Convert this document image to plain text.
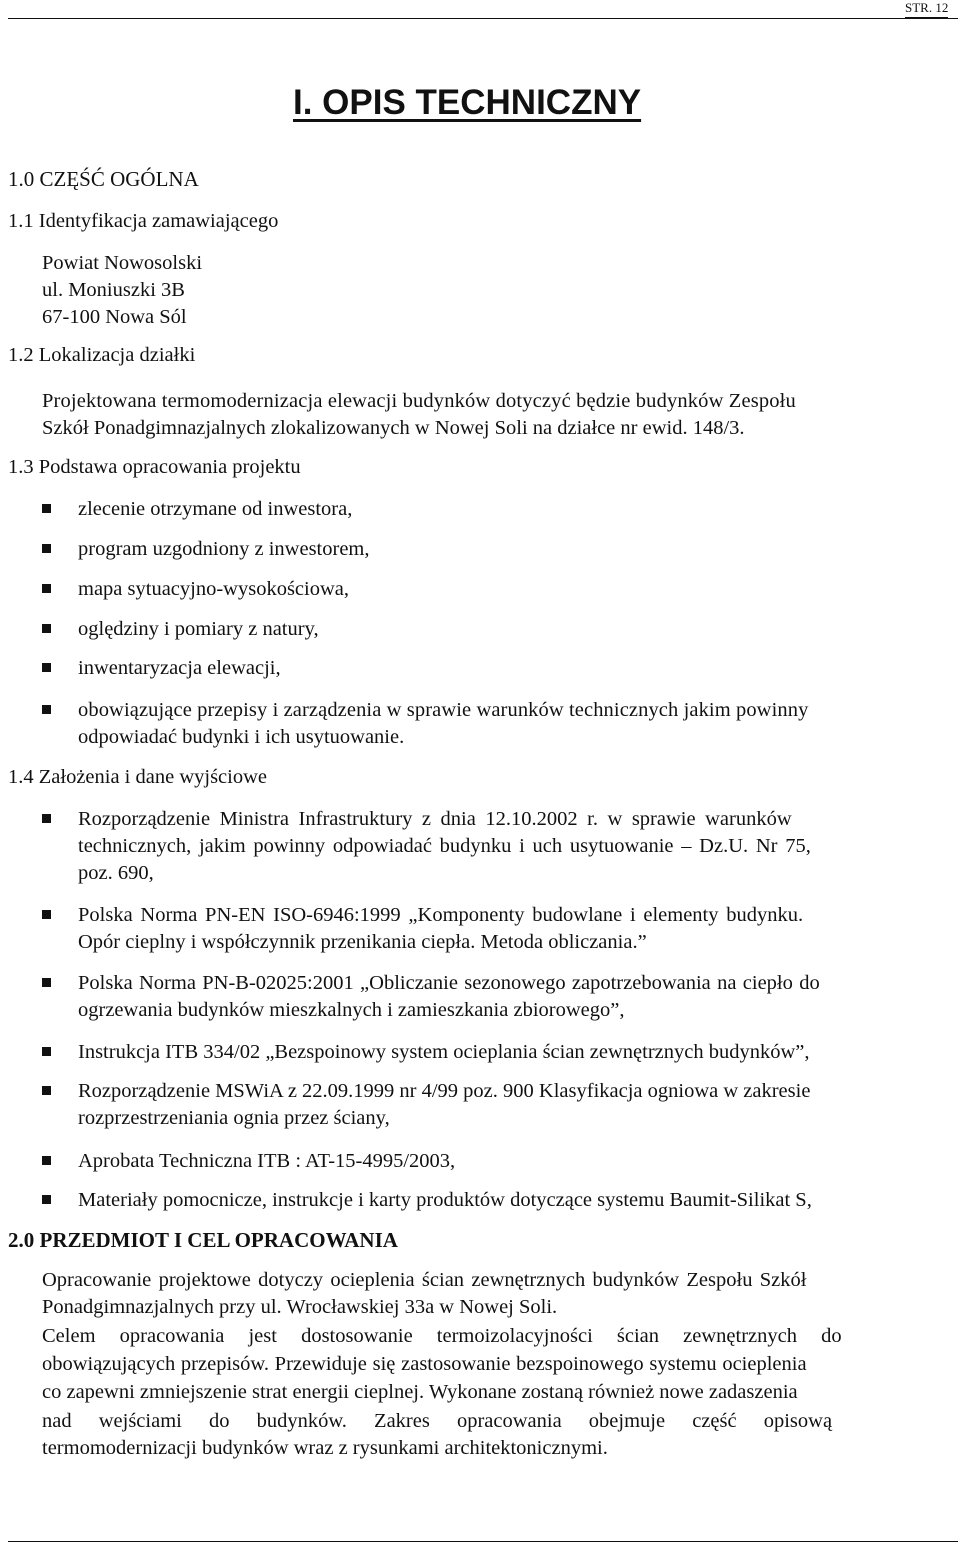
STR. 12
I. OPIS TECHNICZNY
1.0 CZĘŚĆ OGÓLNA
1.1 Identyfikacja zamawiającego
Powiat Nowosolski
ul. Moniuszki 3B
67-100 Nowa Sól
1.2 Lokalizacja działki
Projektowana termomodernizacja elewacji budynków dotyczyć będzie budynków Zespołu
Szkół Ponadgimnazjalnych zlokalizowanych w Nowej Soli na działce nr ewid. 148/3.
1.3 Podstawa opracowania projektu
zlecenie otrzymane od inwestora,
program uzgodniony z inwestorem,
mapa sytuacyjno-wysokościowa,
oględziny i pomiary z natury,
inwentaryzacja elewacji,
obowiązujące przepisy i zarządzenia w sprawie warunków technicznych jakim powinny
odpowiadać budynki i ich usytuowanie.
1.4 Założenia i dane wyjściowe
Rozporządzenie Ministra Infrastruktury z dnia 12.10.2002 r. w sprawie warunków
technicznych, jakim powinny odpowiadać budynku i uch usytuowanie – Dz.U. Nr 75,
poz. 690,
Polska Norma PN-EN ISO-6946:1999 „Komponenty budowlane i elementy budynku.
Opór cieplny i współczynnik przenikania ciepła. Metoda obliczania.”
Polska Norma PN-B-02025:2001 „Obliczanie sezonowego zapotrzebowania na ciepło do
ogrzewania budynków mieszkalnych i zamieszkania zbiorowego”,
Instrukcja ITB 334/02 „Bezspoinowy system ocieplania ścian zewnętrznych budynków”,
Rozporządzenie MSWiA z 22.09.1999 nr 4/99 poz. 900 Klasyfikacja ogniowa w zakresie
rozprzestrzeniania ognia przez ściany,
Aprobata Techniczna ITB : AT-15-4995/2003,
Materiały pomocnicze, instrukcje i karty produktów dotyczące systemu Baumit-Silikat S,
2.0 PRZEDMIOT I CEL OPRACOWANIA
Opracowanie projektowe dotyczy ocieplenia ścian zewnętrznych budynków Zespołu Szkół
Ponadgimnazjalnych przy ul. Wrocławskiej 33a w Nowej Soli.
Celem opracowania jest dostosowanie termoizolacyjności ścian zewnętrznych do
obowiązujących przepisów. Przewiduje się zastosowanie bezspoinowego systemu ocieplenia
co zapewni zmniejszenie strat energii cieplnej. Wykonane zostaną również nowe zadaszenia
nad wejściami do budynków. Zakres opracowania obejmuje część opisową
termomodernizacji budynków wraz z rysunkami architektonicznymi.
